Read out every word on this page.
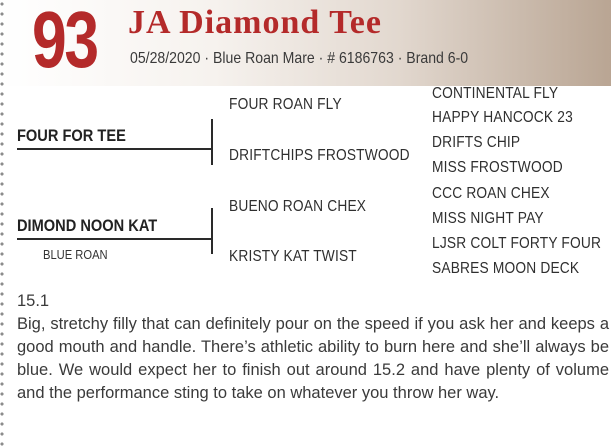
93 JA Diamond Tee
05/28/2020 · Blue Roan Mare · # 6186763 · Brand 6-0
FOUR FOR TEE
DIMOND NOON KAT
BLUE ROAN
FOUR ROAN FLY
DRIFTCHIPS FROSTWOOD
BUENO ROAN CHEX
KRISTY KAT TWIST
CONTINENTAL FLY
HAPPY HANCOCK 23
DRIFTS CHIP
MISS FROSTWOOD
CCC ROAN CHEX
MISS NIGHT PAY
LJSR COLT FORTY FOUR
SABRES MOON DECK
15.1
Big, stretchy filly that can definitely pour on the speed if you ask her and keeps a good mouth and handle. There’s athletic ability to burn here and she’ll always be blue. We would expect her to finish out around 15.2 and have plenty of volume and the performance sting to take on whatever you throw her way.
